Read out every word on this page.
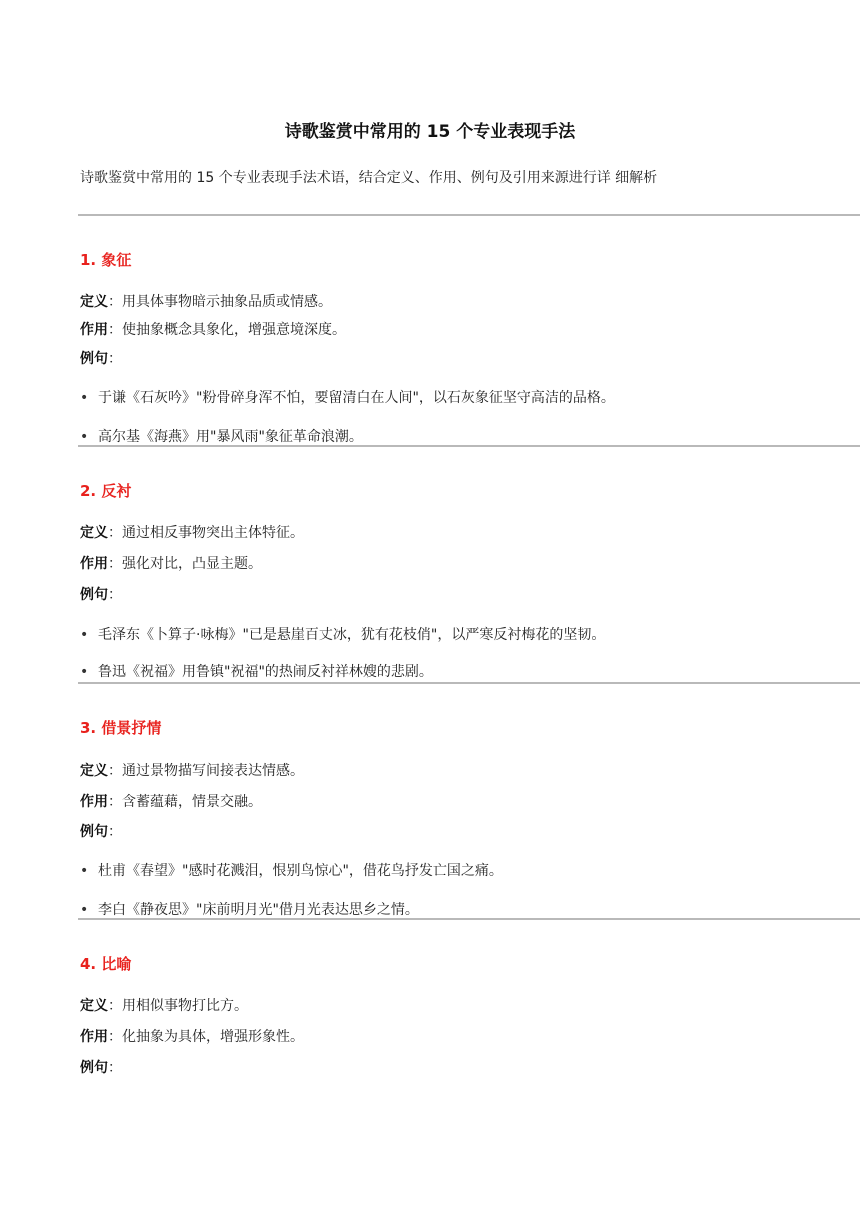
诗歌鉴赏中常用的 15 个专业表现手法
诗歌鉴赏中常用的 15 个专业表现手法术语，结合定义、作用、例句及引用来源进行详 细解析
1. 象征
定义：用具体事物暗示抽象品质或情感。
作用：使抽象概念具象化，增强意境深度。
例句：
• 于谦《石灰吟》"粉骨碎身浑不怕，要留清白在人间"，以石灰象征坚守高洁的品格。
• 高尔基《海燕》用"暴风雨"象征革命浪潮。
2. 反衬
定义：通过相反事物突出主体特征。
作用：强化对比，凸显主题。
例句：
• 毛泽东《卜算子·咏梅》"已是悬崖百丈冰，犹有花枝俏"，以严寒反衬梅花的坚韧。
• 鲁迅《祝福》用鲁镇"祝福"的热闹反衬祥林嫂的悲剧。
3. 借景抒情
定义：通过景物描写间接表达情感。
作用：含蓄蕴藉，情景交融。
例句：
• 杜甫《春望》"感时花溅泪，恨别鸟惊心"，借花鸟抒发亡国之痛。
• 李白《静夜思》"床前明月光"借月光表达思乡之情。
4. 比喻
定义：用相似事物打比方。
作用：化抽象为具体，增强形象性。
例句：
